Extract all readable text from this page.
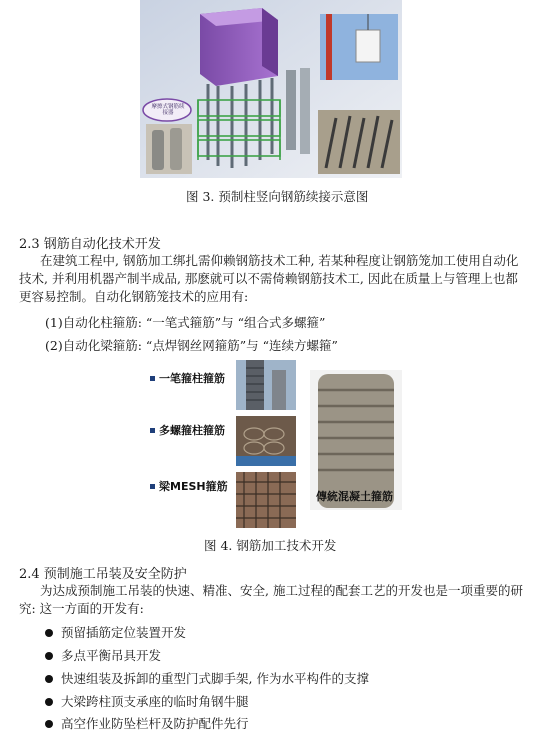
摩擦式钢筋续接器
图 3. 预制柱竖向钢筋续接示意图
2.3 钢筋自动化技术开发
在建筑工程中, 钢筋加工绑扎需仰赖钢筋技术工种, 若某种程度让钢筋笼加工使用自动化
技术, 并利用机器产制半成品, 那麽就可以不需倚赖钢筋技术工, 因此在质量上与管理上也都
更容易控制。自动化钢筋笼技术的应用有:
(1)自动化柱箍筋: “一笔式箍筋”与 “组合式多螺箍”
(2)自动化梁箍筋: “点焊钢丝网箍筋”与 “连续方螺箍”
一笔箍柱箍筋
多螺箍柱箍筋
梁MESH箍筋
傳統混凝土箍筋
图 4. 钢筋加工技术开发
2.4 预制施工吊装及安全防护
为达成预制施工吊装的快速、精准、安全, 施工过程的配套工艺的开发也是一项重要的研
究: 这一方面的开发有:
预留插筋定位装置开发
多点平衡吊具开发
快速组装及拆卸的重型门式脚手架, 作为水平构件的支撑
大梁跨柱顶支承座的临时角钢牛腿
高空作业防坠栏杆及防护配件先行
